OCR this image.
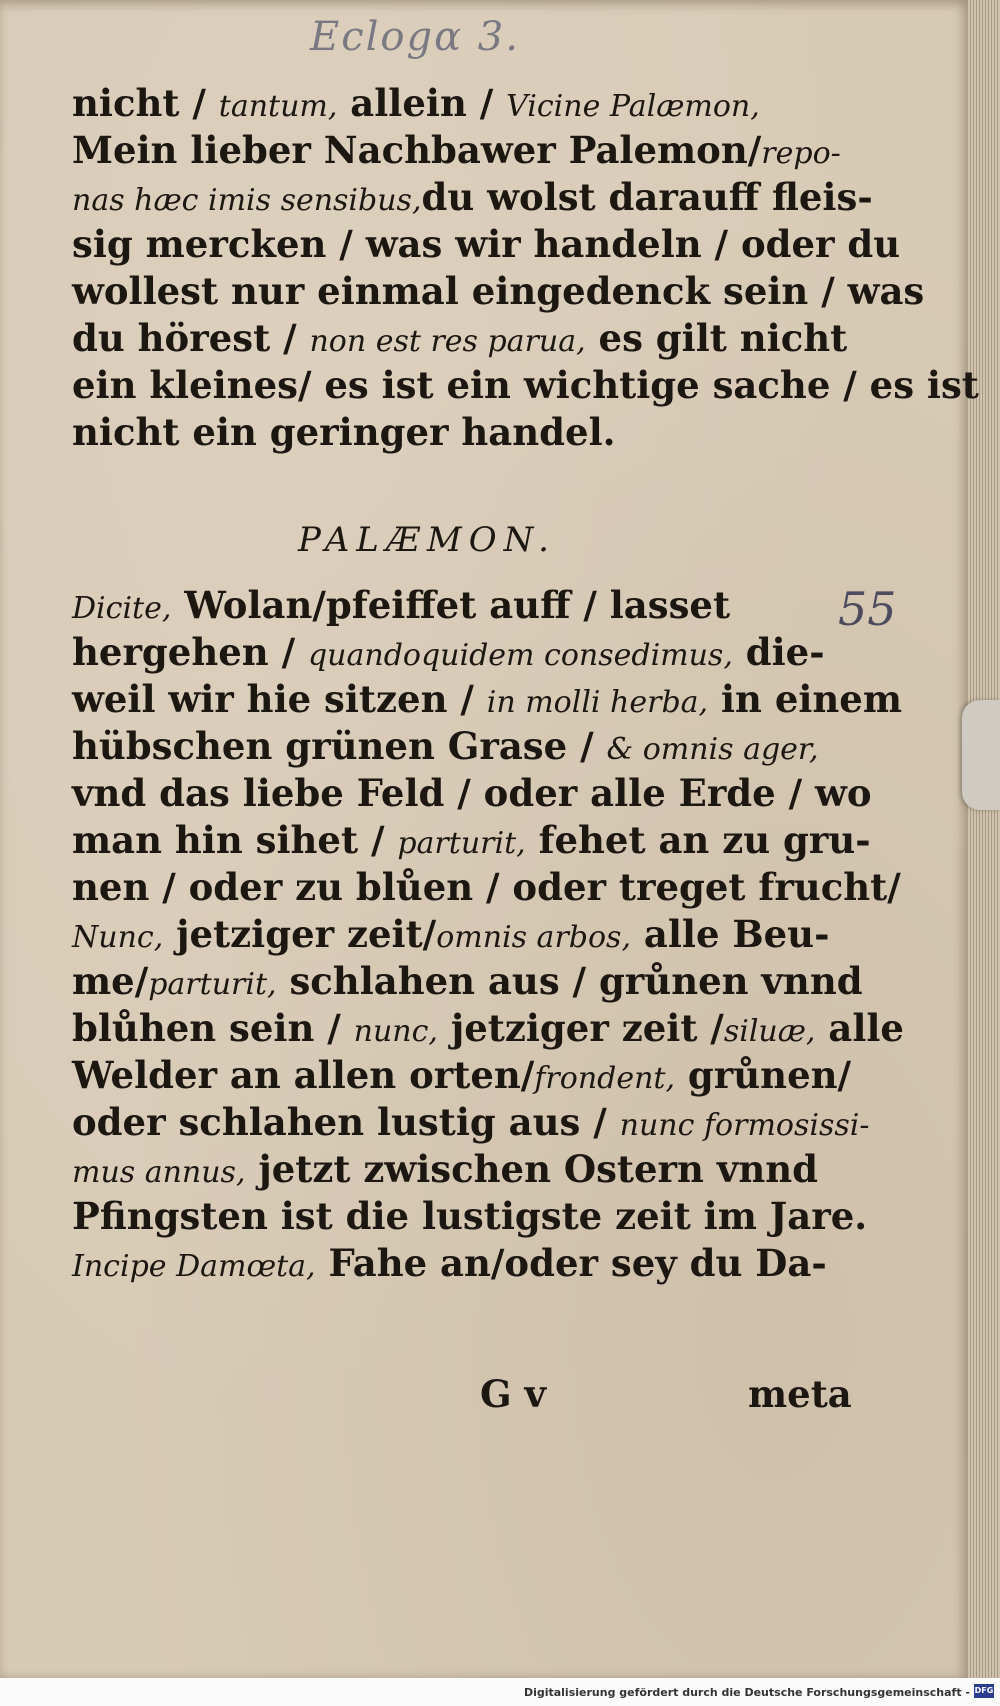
Eclogα 3.
55
nicht / tantum, allein / Vicine Palæmon,
Mein lieber Nachbawer Palemon/repo-
nas hæc imis sensibus,du wolst darauff fleis-
sig mercken / was wir handeln / oder du
wollest nur einmal eingedenck sein / was
du hörest / non est res parua, es gilt nicht
ein kleines/ es ist ein wichtige sache / es ist
nicht ein geringer handel.
PALÆMON.
Dicite, Wolan/pfeiffet auff / lasset
hergehen / quandoquidem consedimus, die-
weil wir hie sitzen / in molli herba, in einem
hübschen grünen Grase / & omnis ager,
vnd das liebe Feld / oder alle Erde / wo
man hin sihet / parturit, fehet an zu gru-
nen / oder zu blůen / oder treget frucht/
Nunc, jetziger zeit/omnis arbos, alle Beu-
me/parturit, schlahen aus / grůnen vnnd
blůhen sein / nunc, jetziger zeit /siluæ, alle
Welder an allen orten/frondent, grůnen/
oder schlahen lustig aus / nunc formosissi-
mus annus, jetzt zwischen Ostern vnnd
Pfingsten ist die lustigste zeit im Jare.
Incipe Damœta, Fahe an/oder sey du Da-
G v	meta
Digitalisierung gefördert durch die Deutsche Forschungsgemeinschaft - DFG
